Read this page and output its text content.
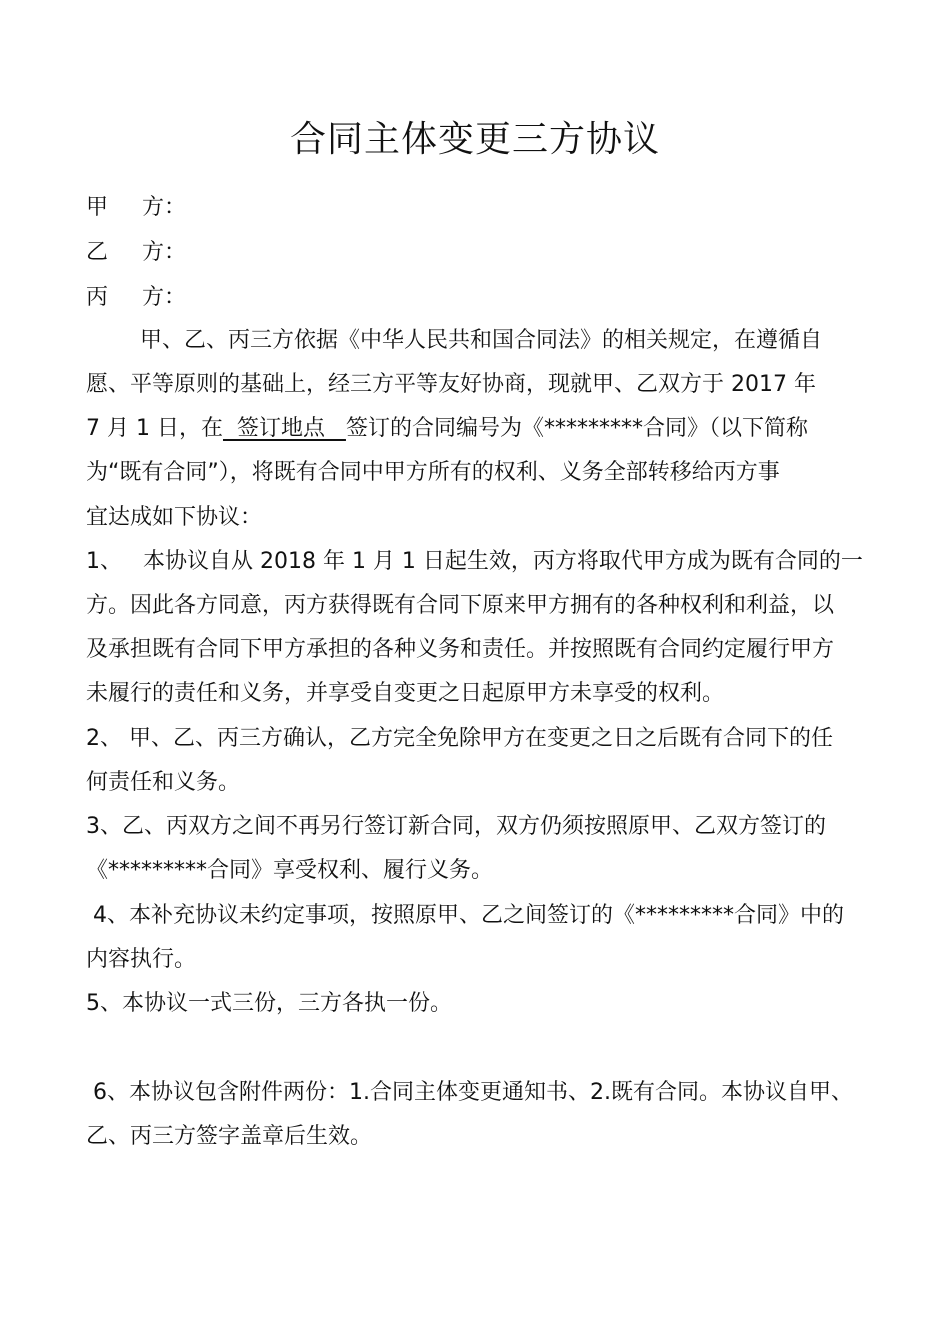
合同主体变更三方协议
甲 方：
乙 方：
丙 方：
甲、乙、丙三方依据《中华人民共和国合同法》的相关规定，在遵循自
愿、平等原则的基础上，经三方平等友好协商，现就甲、乙双方于 2017 年
7 月 1 日，在  签订地点   签订的合同编号为《*********合同》（以下简称
为“既有合同”），将既有合同中甲方所有的权利、义务全部转移给丙方事
宜达成如下协议：
1、   本协议自从 2018 年 1 月 1 日起生效，丙方将取代甲方成为既有合同的一
方。因此各方同意，丙方获得既有合同下原来甲方拥有的各种权利和利益，以
及承担既有合同下甲方承担的各种义务和责任。并按照既有合同约定履行甲方
未履行的责任和义务，并享受自变更之日起原甲方未享受的权利。
2、 甲、乙、丙三方确认，乙方完全免除甲方在变更之日之后既有合同下的任
何责任和义务。
3、乙、丙双方之间不再另行签订新合同，双方仍须按照原甲、乙双方签订的
《*********合同》享受权利、履行义务。
4、本补充协议未约定事项，按照原甲、乙之间签订的《*********合同》中的
内容执行。
5、本协议一式三份，三方各执一份。
6、本协议包含附件两份：1.合同主体变更通知书、2.既有合同。本协议自甲、
乙、丙三方签字盖章后生效。
